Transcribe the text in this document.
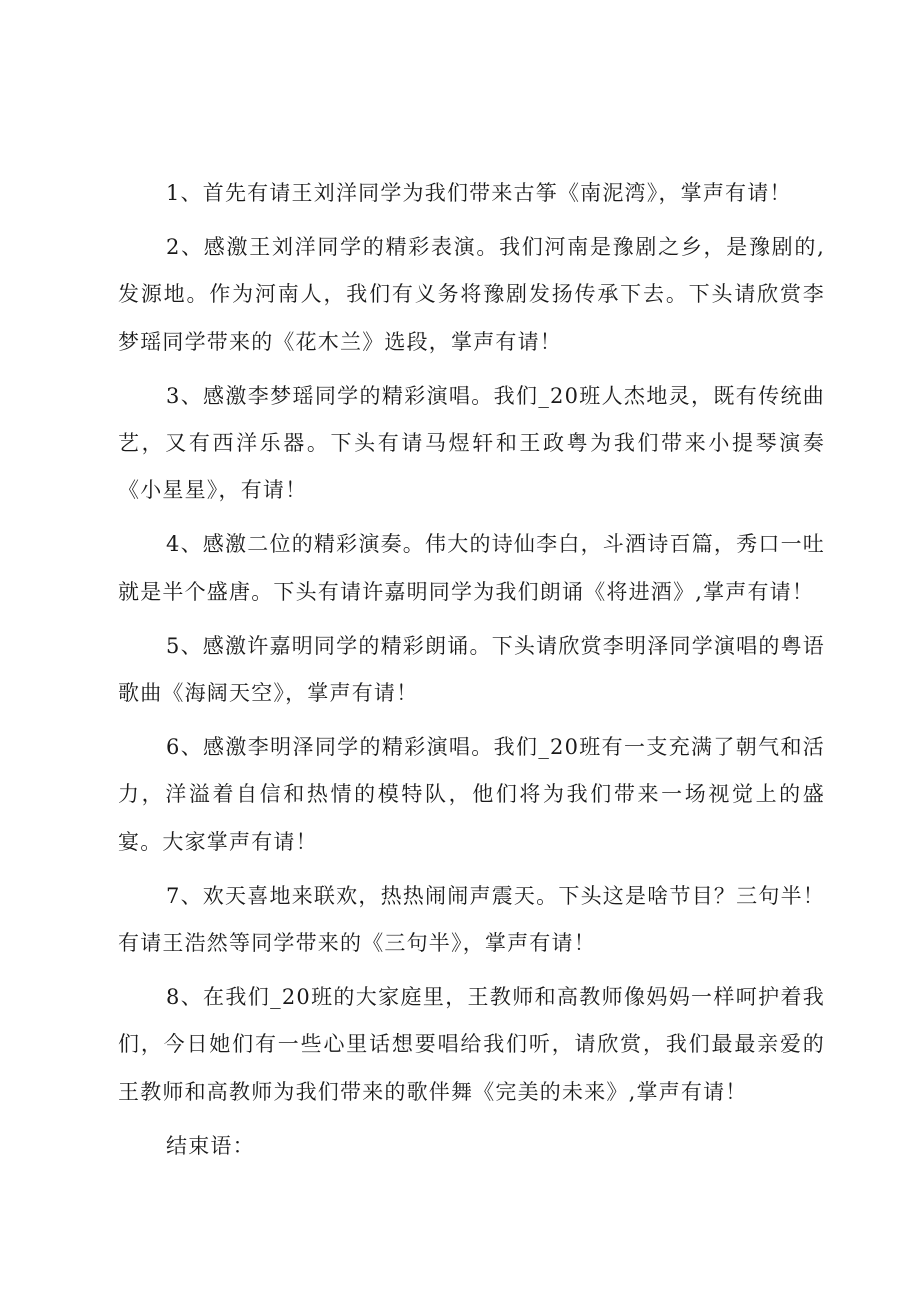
1、首先有请王刘洋同学为我们带来古筝《南泥湾》，掌声有请！

2、感激王刘洋同学的精彩表演。我们河南是豫剧之乡，是豫剧的,发源地。作为河南人，我们有义务将豫剧发扬传承下去。下头请欣赏李梦瑶同学带来的《花木兰》选段，掌声有请！

3、感激李梦瑶同学的精彩演唱。我们_20班人杰地灵，既有传统曲艺，又有西洋乐器。下头有请马煜轩和王政粤为我们带来小提琴演奏《小星星》，有请！

4、感激二位的精彩演奏。伟大的诗仙李白，斗酒诗百篇，秀口一吐就是半个盛唐。下头有请许嘉明同学为我们朗诵《将进酒》,掌声有请！

5、感激许嘉明同学的精彩朗诵。下头请欣赏李明泽同学演唱的粤语歌曲《海阔天空》，掌声有请！

6、感激李明泽同学的精彩演唱。我们_20班有一支充满了朝气和活力，洋溢着自信和热情的模特队，他们将为我们带来一场视觉上的盛宴。大家掌声有请！

7、欢天喜地来联欢，热热闹闹声震天。下头这是啥节目？三句半！有请王浩然等同学带来的《三句半》，掌声有请！

8、在我们_20班的大家庭里，王教师和高教师像妈妈一样呵护着我们，今日她们有一些心里话想要唱给我们听，请欣赏，我们最最亲爱的王教师和高教师为我们带来的歌伴舞《完美的未来》,掌声有请！

结束语：
